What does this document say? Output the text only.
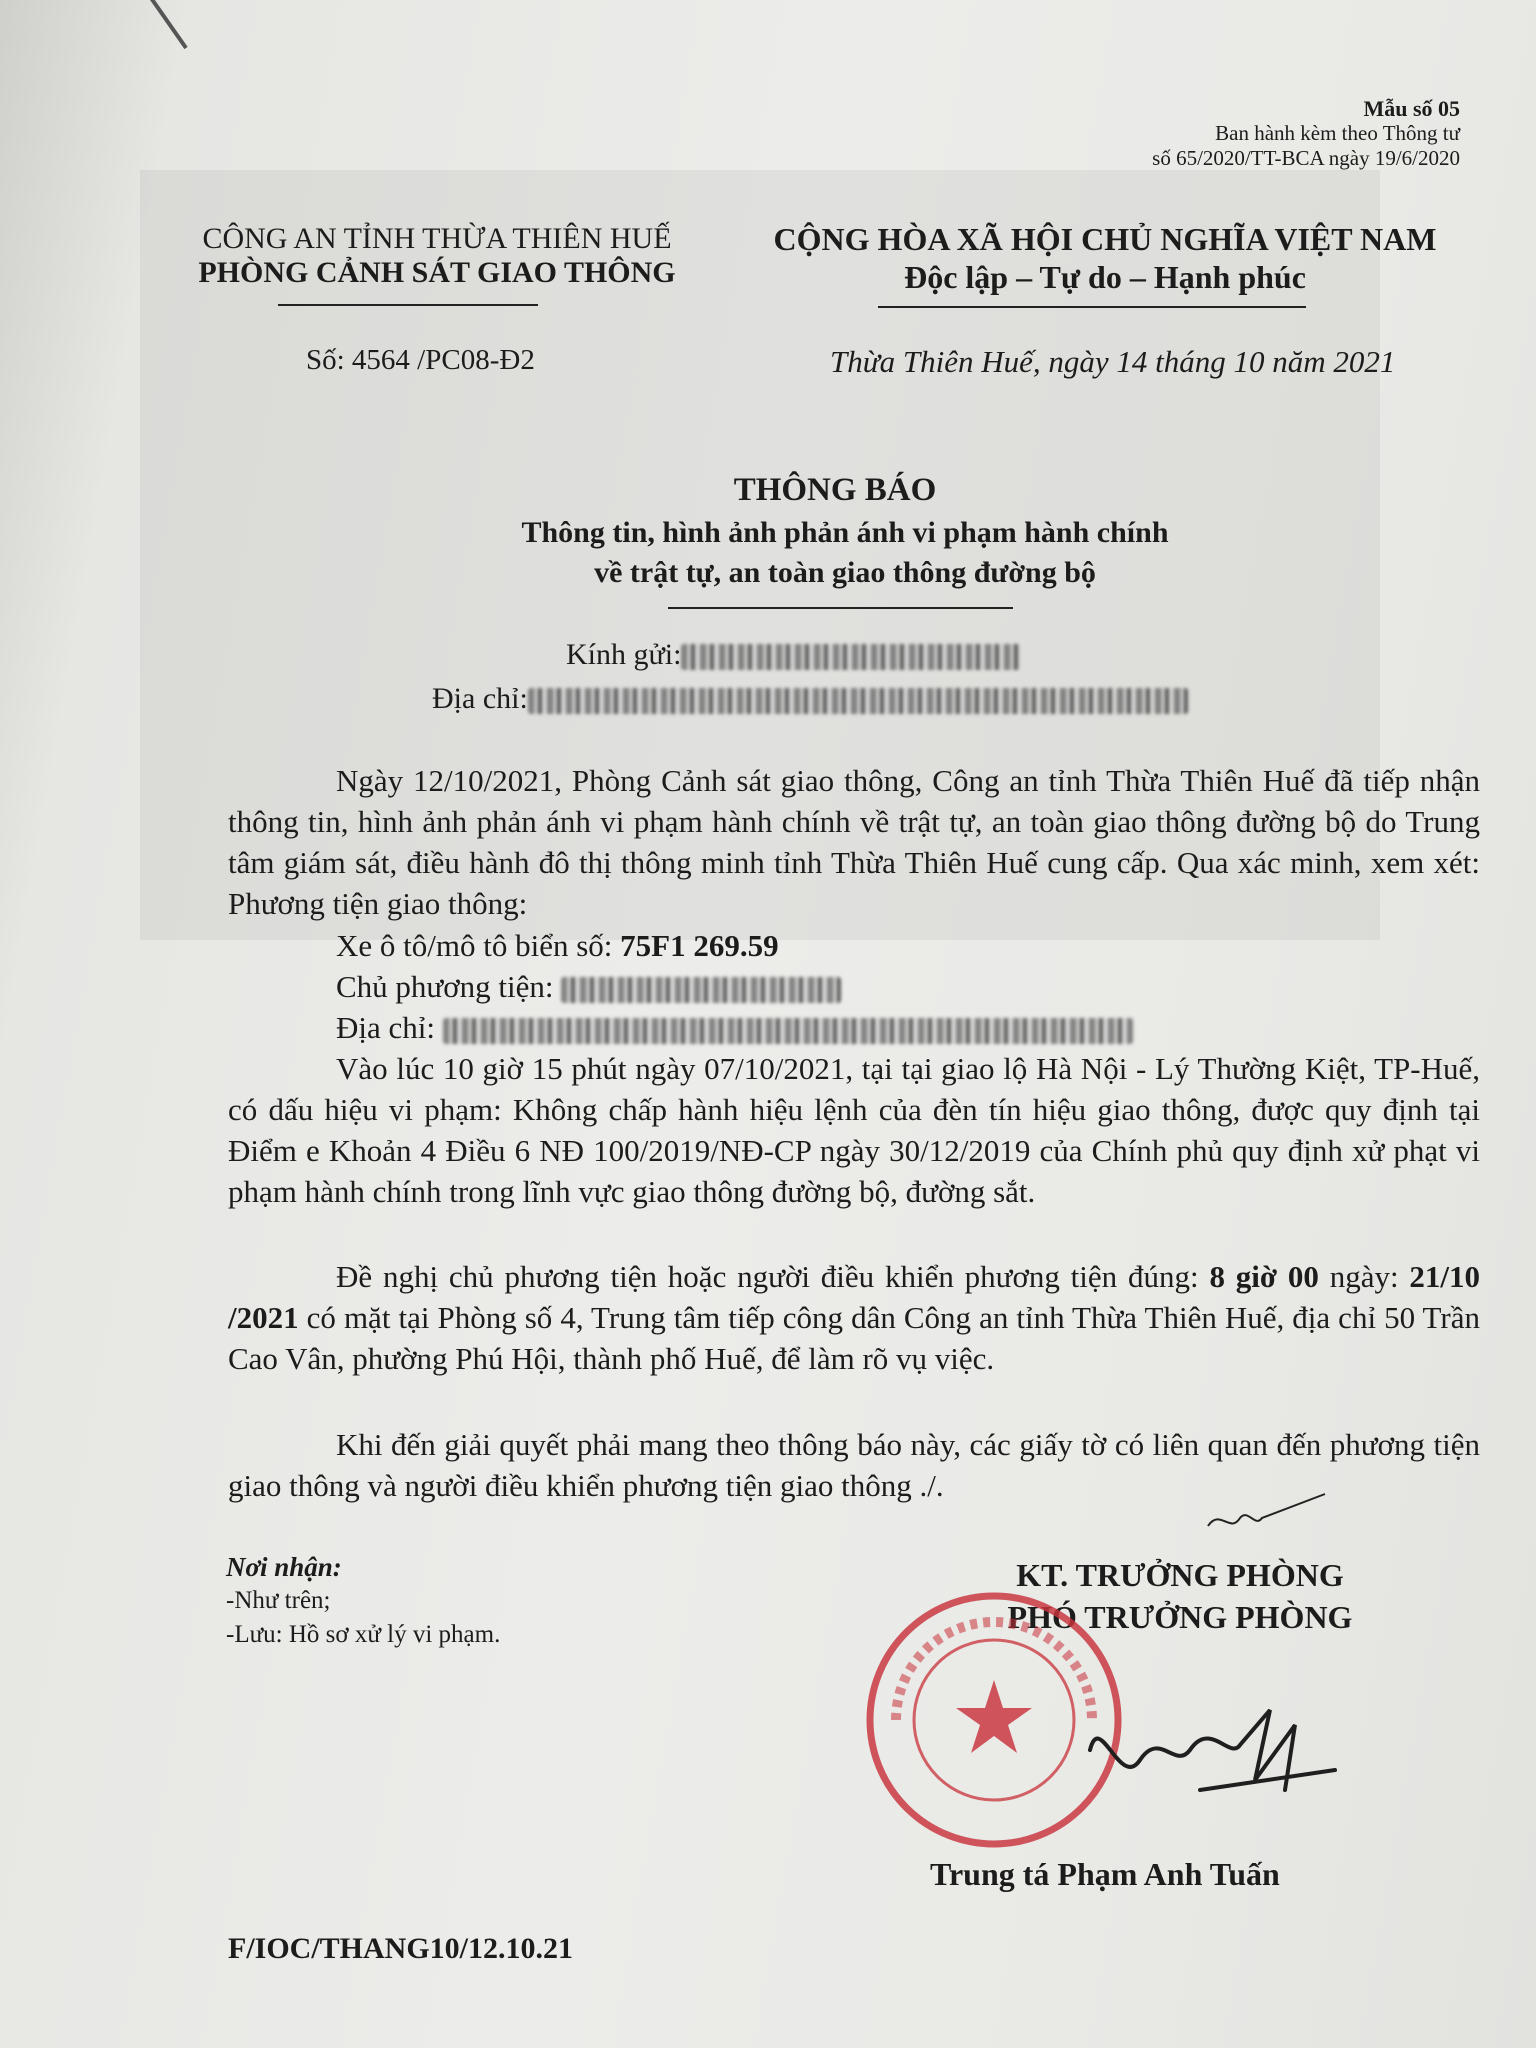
Mẫu số 05
Ban hành kèm theo Thông tư
số 65/2020/TT-BCA ngày 19/6/2020
CÔNG AN TỈNH THỪA THIÊN HUẾ
PHÒNG CẢNH SÁT GIAO THÔNG
CỘNG HÒA XÃ HỘI CHỦ NGHĨA VIỆT NAM
Độc lập – Tự do – Hạnh phúc
Số: 4564 /PC08-Đ2	Thừa Thiên Huế, ngày 14 tháng 10 năm 2021
THÔNG BÁO
Thông tin, hình ảnh phản ánh vi phạm hành chính
về trật tự, an toàn giao thông đường bộ
Kính gửi:
Địa chỉ:
Ngày 12/10/2021, Phòng Cảnh sát giao thông, Công an tỉnh Thừa Thiên Huế đã tiếp nhận thông tin, hình ảnh phản ánh vi phạm hành chính về trật tự, an toàn giao thông đường bộ do Trung tâm giám sát, điều hành đô thị thông minh tỉnh Thừa Thiên Huế cung cấp. Qua xác minh, xem xét: Phương tiện giao thông:
Xe ô tô/mô tô biển số: 75F1 269.59
Chủ phương tiện:
Địa chỉ:
Vào lúc 10 giờ 15 phút ngày 07/10/2021, tại tại giao lộ Hà Nội - Lý Thường Kiệt, TP-Huế, có dấu hiệu vi phạm: Không chấp hành hiệu lệnh của đèn tín hiệu giao thông, được quy định tại Điểm e Khoản 4 Điều 6 NĐ 100/2019/NĐ-CP ngày 30/12/2019 của Chính phủ quy định xử phạt vi phạm hành chính trong lĩnh vực giao thông đường bộ, đường sắt.
Đề nghị chủ phương tiện hoặc người điều khiển phương tiện đúng: 8 giờ 00 ngày: 21/10 /2021 có mặt tại Phòng số 4, Trung tâm tiếp công dân Công an tỉnh Thừa Thiên Huế, địa chỉ 50 Trần Cao Vân, phường Phú Hội, thành phố Huế, để làm rõ vụ việc.
Khi đến giải quyết phải mang theo thông báo này, các giấy tờ có liên quan đến phương tiện giao thông và người điều khiển phương tiện giao thông ./.
Nơi nhận:
-Như trên;
-Lưu: Hồ sơ xử lý vi phạm.
KT. TRƯỞNG PHÒNG
PHÓ TRƯỞNG PHÒNG
Trung tá Phạm Anh Tuấn
F/IOC/THANG10/12.10.21
